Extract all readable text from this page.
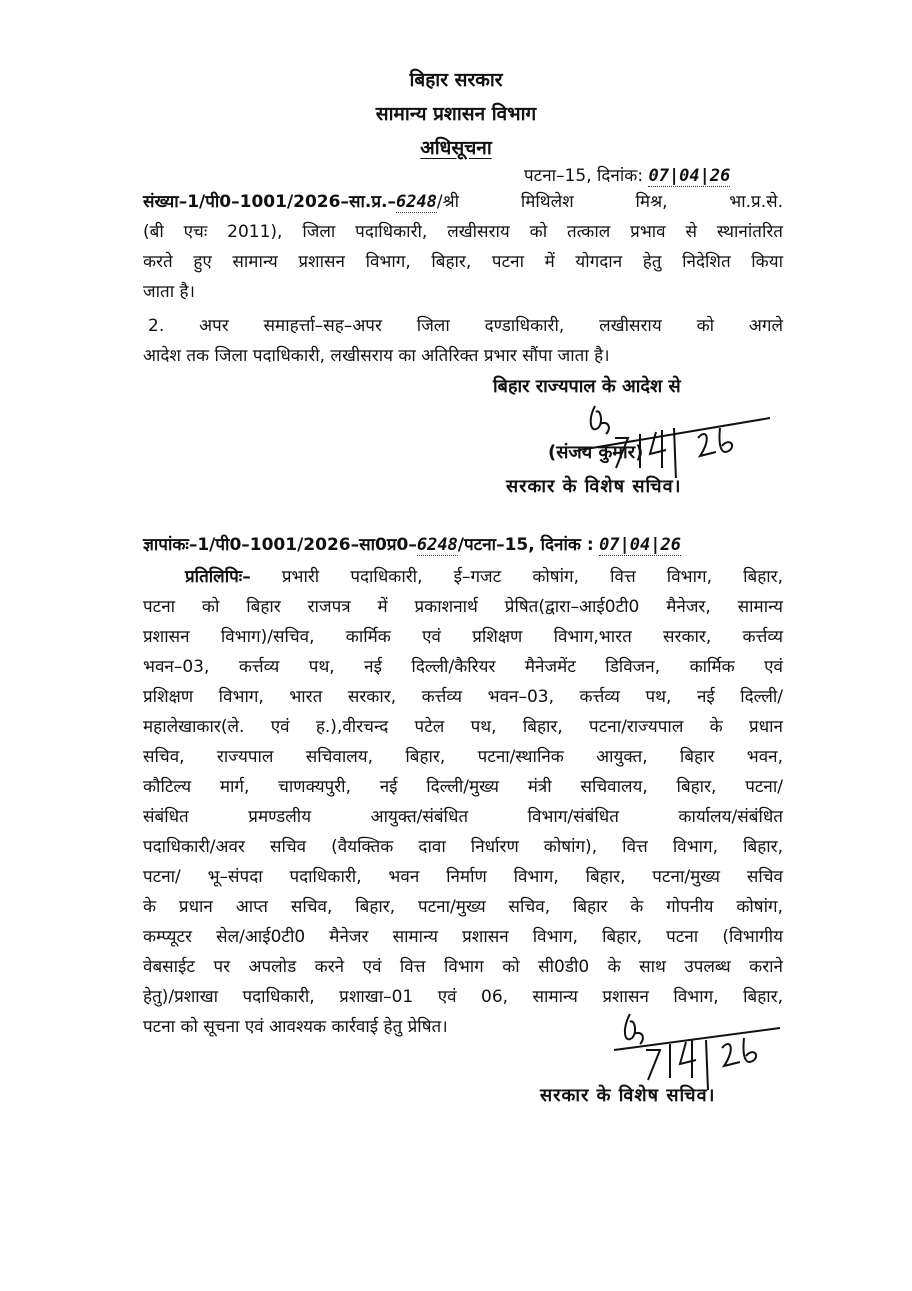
बिहार सरकार
सामान्य प्रशासन विभाग
अधिसूचना
पटना–15, दिनांक: 07|04|26
संख्या–1/पी0–1001/2026–सा.प्र.–6248/श्री मिथिलेश मिश्र, भा.प्र.से.
(बी एचः 2011), जिला पदाधिकारी, लखीसराय को तत्काल प्रभाव से स्थानांतरित
करते हुए सामान्य प्रशासन विभाग, बिहार, पटना में योगदान हेतु निदेशित किया
जाता है।
2. अपर समाहर्त्ता–सह–अपर जिला दण्डाधिकारी, लखीसराय को अगले
आदेश तक जिला पदाधिकारी, लखीसराय का अतिरिक्त प्रभार सौंपा जाता है।
बिहार राज्यपाल के आदेश से
(संजय कुमार)
सरकार के विशेष सचिव।
ज्ञापांकः–1/पी0–1001/2026–सा0प्र0–6248/पटना–15, दिनांक : 07|04|26
प्रतिलिपिः– प्रभारी पदाधिकारी, ई–गजट कोषांग, वित्त विभाग, बिहार,
पटना को बिहार राजपत्र में प्रकाशनार्थ प्रेषित(द्वारा–आई0टी0 मैनेजर, सामान्य
प्रशासन विभाग)/सचिव, कार्मिक एवं प्रशिक्षण विभाग,भारत सरकार, कर्त्तव्य
भवन–03, कर्त्तव्य पथ, नई दिल्ली/कैरियर मैनेजमेंट डिविजन, कार्मिक एवं
प्रशिक्षण विभाग, भारत सरकार, कर्त्तव्य भवन–03, कर्त्तव्य पथ, नई दिल्ली/
महालेखाकार(ले. एवं ह.),वीरचन्द पटेल पथ, बिहार, पटना/राज्यपाल के प्रधान
सचिव, राज्यपाल सचिवालय, बिहार, पटना/स्थानिक आयुक्त, बिहार भवन,
कौटिल्य मार्ग, चाणक्यपुरी, नई दिल्ली/मुख्य मंत्री सचिवालय, बिहार, पटना/
संबंधित प्रमण्डलीय आयुक्त/संबंधित विभाग/संबंधित कार्यालय/संबंधित
पदाधिकारी/अवर सचिव (वैयक्तिक दावा निर्धारण कोषांग), वित्त विभाग, बिहार,
पटना/ भू–संपदा पदाधिकारी, भवन निर्माण विभाग, बिहार, पटना/मुख्य सचिव
के प्रधान आप्त सचिव, बिहार, पटना/मुख्य सचिव, बिहार के गोपनीय कोषांग,
कम्प्यूटर सेल/आई0टी0 मैनेजर सामान्य प्रशासन विभाग, बिहार, पटना (विभागीय
वेबसाईट पर अपलोड करने एवं वित्त विभाग को सी0डी0 के साथ उपलब्ध कराने
हेतु)/प्रशाखा पदाधिकारी, प्रशाखा–01 एवं 06, सामान्य प्रशासन विभाग, बिहार,
पटना को सूचना एवं आवश्यक कार्रवाई हेतु प्रेषित।
सरकार के विशेष सचिव।
